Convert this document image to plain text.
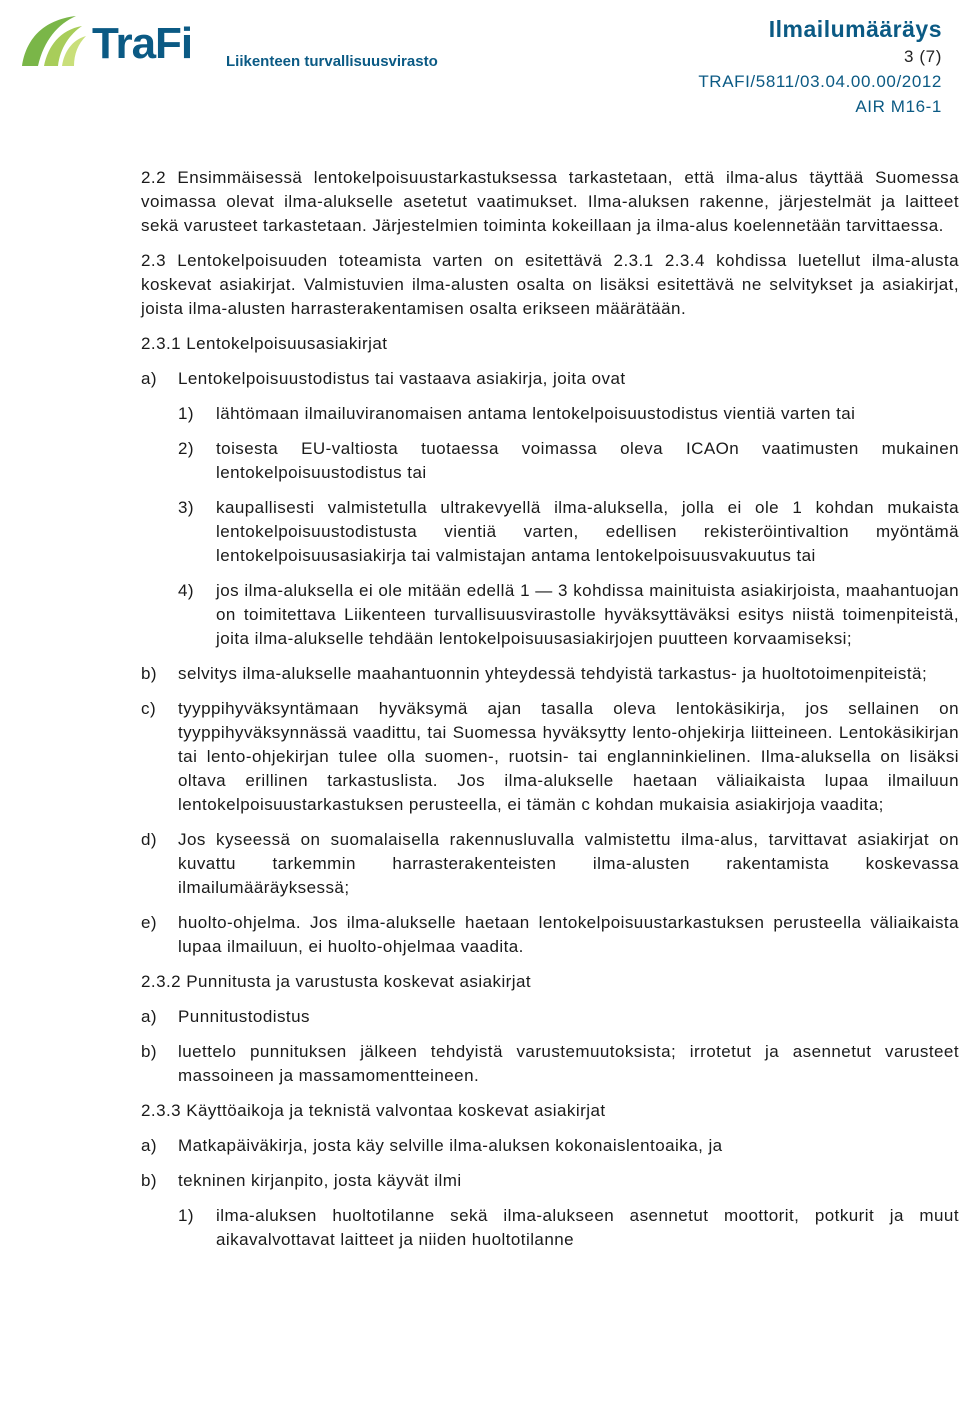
TraFi Liikenteen turvallisuusvirasto
Ilmailumääräys
3 (7)
TRAFI/5811/03.04.00.00/2012
AIR M16-1

2.2 Ensimmäisessä lentokelpoisuustarkastuksessa tarkastetaan, että ilma-alus täyttää Suomessa voimassa olevat ilma-alukselle asetetut vaatimukset. Ilma-aluksen rakenne, järjestelmät ja laitteet sekä varusteet tarkastetaan. Järjestelmien toiminta kokeillaan ja ilma-alus koelennetään tarvittaessa.

2.3 Lentokelpoisuuden toteamista varten on esitettävä 2.3.1 2.3.4 kohdissa luetellut ilma-alusta koskevat asiakirjat. Valmistuvien ilma-alusten osalta on lisäksi esitettävä ne selvitykset ja asiakirjat, joista ilma-alusten harrasterakentamisen osalta erikseen määrätään.

2.3.1 Lentokelpoisuusasiakirjat

a)	Lentokelpoisuustodistus tai vastaava asiakirja, joita ovat
1)	lähtömaan ilmailuviranomaisen antama lentokelpoisuustodistus vientiä varten tai
2)	toisesta EU-valtiosta tuotaessa voimassa oleva ICAOn vaatimusten mukainen lentokelpoisuustodistus tai
3)	kaupallisesti valmistetulla ultrakevyellä ilma-aluksella, jolla ei ole 1 kohdan mukaista lentokelpoisuustodistusta vientiä varten, edellisen rekisteröintivaltion myöntämä lentokelpoisuusasiakirja tai valmistajan antama lentokelpoisuusvakuutus tai
4)	jos ilma-aluksella ei ole mitään edellä 1 — 3 kohdissa mainituista asiakirjoista, maahantuojan on toimitettava Liikenteen turvallisuusvirastolle hyväksyttäväksi esitys niistä toimenpiteistä, joita ilma-alukselle tehdään lentokelpoisuusasiakirjojen puutteen korvaamiseksi;
b)	selvitys ilma-alukselle maahantuonnin yhteydessä tehdyistä tarkastus- ja huoltotoimenpiteistä;
c)	tyyppihyväksyntämaan hyväksymä ajan tasalla oleva lentokäsikirja, jos sellainen on tyyppihyväksynnässä vaadittu, tai Suomessa hyväksytty lento-ohjekirja liitteineen. Lentokäsikirjan tai lento-ohjekirjan tulee olla suomen-, ruotsin- tai englanninkielinen. Ilma-aluksella on lisäksi oltava erillinen tarkastuslista. Jos ilma-alukselle haetaan väliaikaista lupaa ilmailuun lentokelpoisuustarkastuksen perusteella, ei tämän c kohdan mukaisia asiakirjoja vaadita;
d)	Jos kyseessä on suomalaisella rakennusluvalla valmistettu ilma-alus, tarvittavat asiakirjat on kuvattu tarkemmin harrasterakenteisten ilma-alusten rakentamista koskevassa ilmailumääräyksessä;
e)	huolto-ohjelma. Jos ilma-alukselle haetaan lentokelpoisuustarkastuksen perusteella väliaikaista lupaa ilmailuun, ei huolto-ohjelmaa vaadita.

2.3.2 Punnitusta ja varustusta koskevat asiakirjat

a)	Punnitustodistus
b)	luettelo punnituksen jälkeen tehdyistä varustemuutoksista; irrotetut ja asennetut varusteet massoineen ja massamomentteineen.

2.3.3 Käyttöaikoja ja teknistä valvontaa koskevat asiakirjat

a)	Matkapäiväkirja, josta käy selville ilma-aluksen kokonaislentoaika, ja
b)	tekninen kirjanpito, josta käyvät ilmi
1)	ilma-aluksen huoltotilanne sekä ilma-alukseen asennetut moottorit, potkurit ja muut aikavalvottavat laitteet ja niiden huoltotilanne
